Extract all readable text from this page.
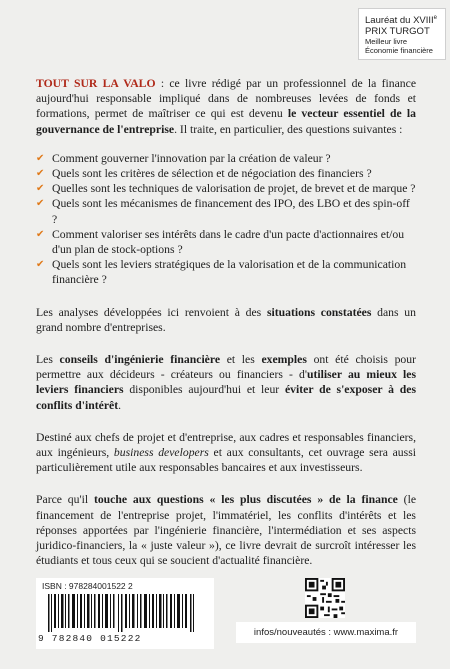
Lauréat du XVIIIe
PRIX TURGOT
Meilleur livre
Économie financière

TOUT SUR LA VALO : ce livre rédigé par un professionnel de la finance aujourd'hui responsable impliqué dans de nombreuses levées de fonds et formations, permet de maîtriser ce qui est devenu le vecteur essentiel de la gouvernance de l'entreprise. Il traite, en particulier, des questions suivantes :

✔ Comment gouverner l'innovation par la création de valeur ?
✔ Quels sont les critères de sélection et de négociation des financiers ?
✔ Quelles sont les techniques de valorisation de projet, de brevet et de marque ?
✔ Quels sont les mécanismes de financement des IPO, des LBO et des spin-off ?
✔ Comment valoriser ses intérêts dans le cadre d'un pacte d'actionnaires et/ou d'un plan de stock-options ?
✔ Quels sont les leviers stratégiques de la valorisation et de la communication financière ?

Les analyses développées ici renvoient à des situations constatées dans un grand nombre d'entreprises.

Les conseils d'ingénierie financière et les exemples ont été choisis pour permettre aux décideurs - créateurs ou financiers - d'utiliser au mieux les leviers financiers disponibles aujourd'hui et leur éviter de s'exposer à des conflits d'intérêt.

Destiné aux chefs de projet et d'entreprise, aux cadres et responsables financiers, aux ingénieurs, business developers et aux consultants, cet ouvrage sera aussi particulièrement utile aux responsables bancaires et aux investisseurs.

Parce qu'il touche aux questions « les plus discutées » de la finance (le financement de l'entreprise projet, l'immatériel, les conflits d'intérêts et les réponses apportées par l'ingénierie financière, l'intermédiation et ses aspects juridico-financiers, la « juste valeur »), ce livre devrait de surcroît intéresser les étudiants et tous ceux qui se soucient d'actualité financière.

ISBN : 978284001522 2
9 782840 015222
infos/nouveautés : www.maxima.fr
